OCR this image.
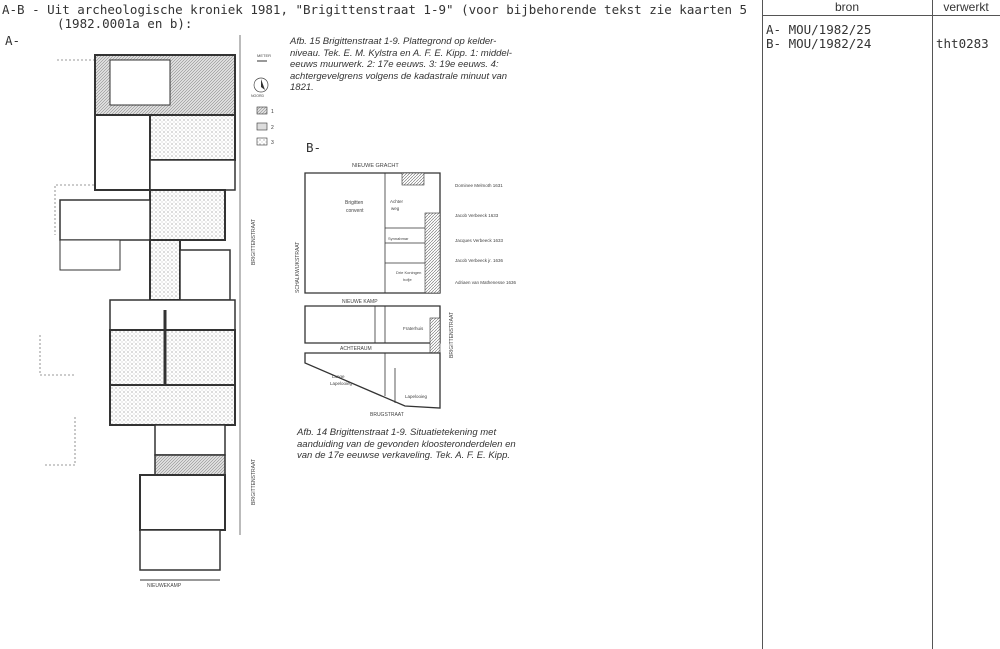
A-B - Uit archeologische kroniek 1981, "Brigittenstraat 1-9" (voor bijbehorende tekst zie kaarten 5
(1982.0001a en b):
A-
bron	verwerkt
A- MOU/1982/25
B- MOU/1982/24	tht0283
METER
NOORD
1
2
3
BRIGITTENSTRAAT
BRIGITTENSTRAAT
NIEUWEKAMP
Afb. 15 Brigittenstraat 1-9. Plattegrond op kelder-niveau. Tek. E. M. Kylstra en A. F. E. Kipp. 1: middel-eeuws muurwerk. 2: 17e eeuws. 3: 19e eeuws. 4: achtergevelgrens volgens de kadastrale minuut van 1821.
B-
NIEUWE GRACHT
SCHALKWIJKSTRAAT
BRIGITTENSTRAAT
NIEUWE KAMP
ACHTERAUM
BRUGSTRAAT
Brigitten
convent
Achter
weg
Synnabmar
Drie Koningen
hofje
Fraterhuis
Lange
Lapelooieg
Lapelooieg
Dominee Melmoth 1631
Jacob Verbeeck 1633
Jacques Verbeeck 1633
Jacob Verbeeck jr. 1636
Adriaen van Mathenesse 1636
Afb. 14 Brigittenstraat 1-9. Situatietekening met aanduiding van de gevonden kloosteronderdelen en van de 17e eeuwse verkaveling. Tek. A. F. E. Kipp.
